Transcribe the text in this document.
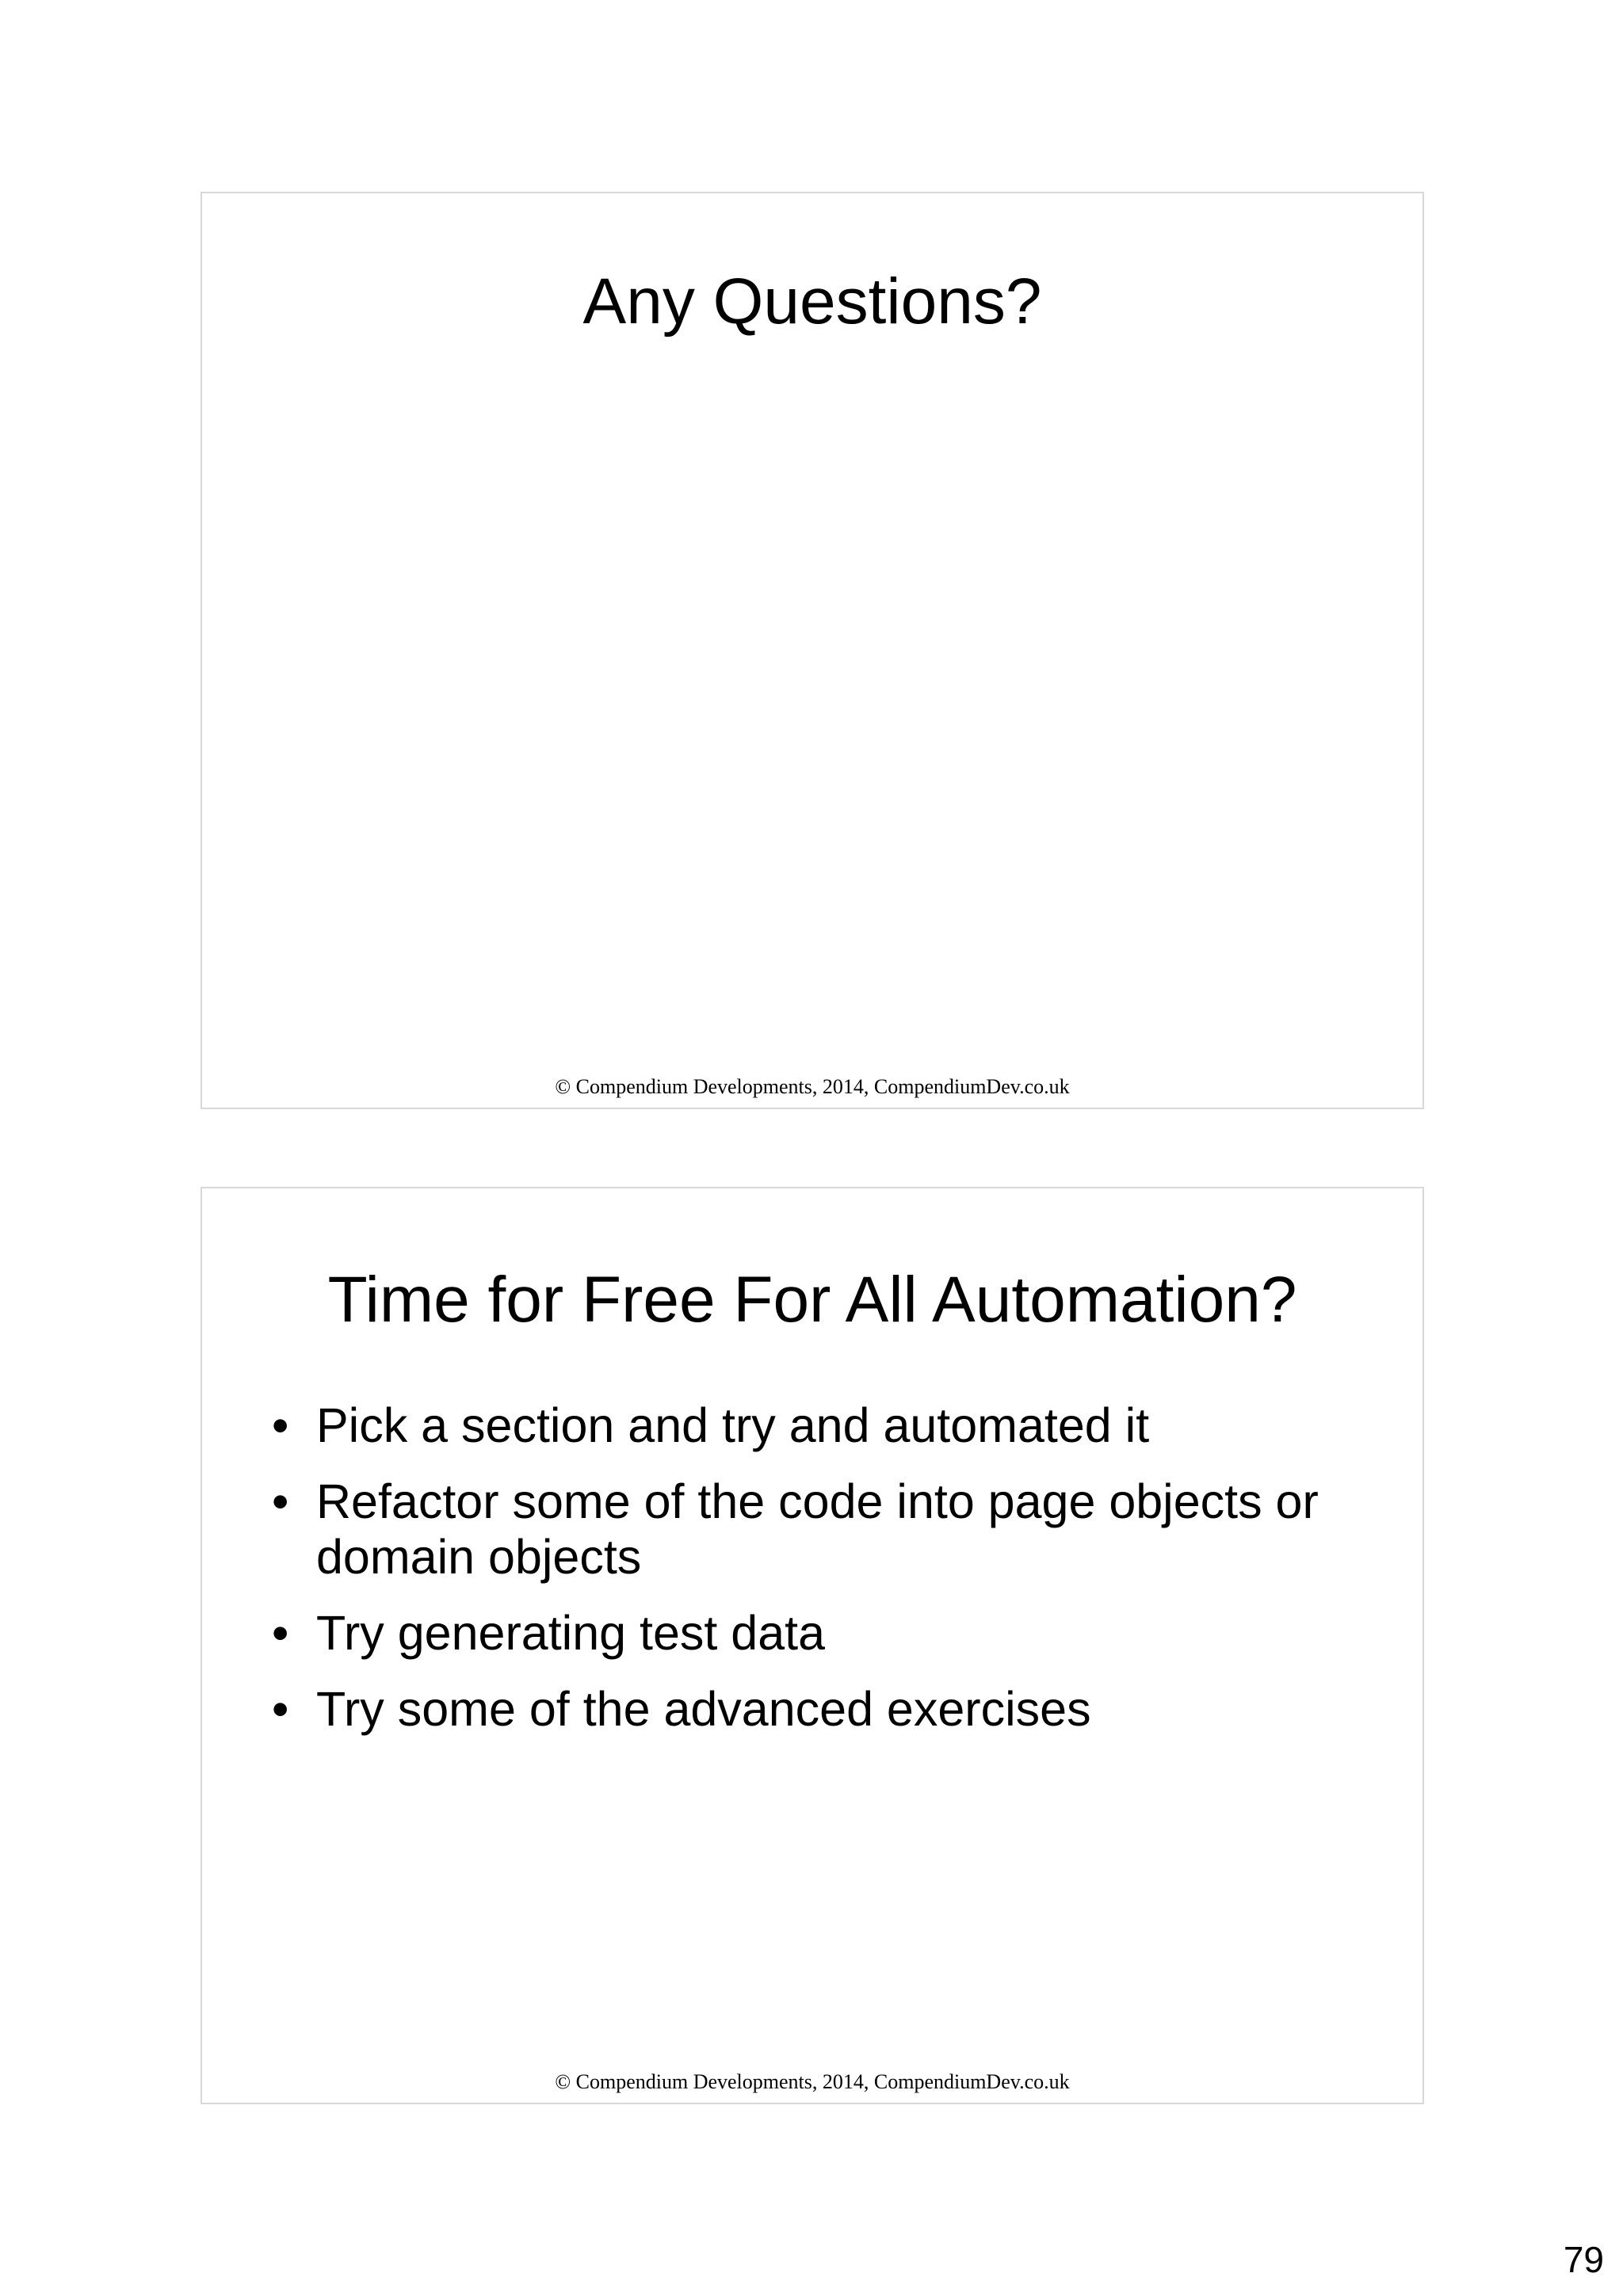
Any Questions?
© Compendium Developments, 2014, CompendiumDev.co.uk
Time for Free For All Automation?
• Pick a section and try and automated it
• Refactor some of the code into page objects or domain objects
• Try generating test data
• Try some of the advanced exercises
© Compendium Developments, 2014, CompendiumDev.co.uk
79
